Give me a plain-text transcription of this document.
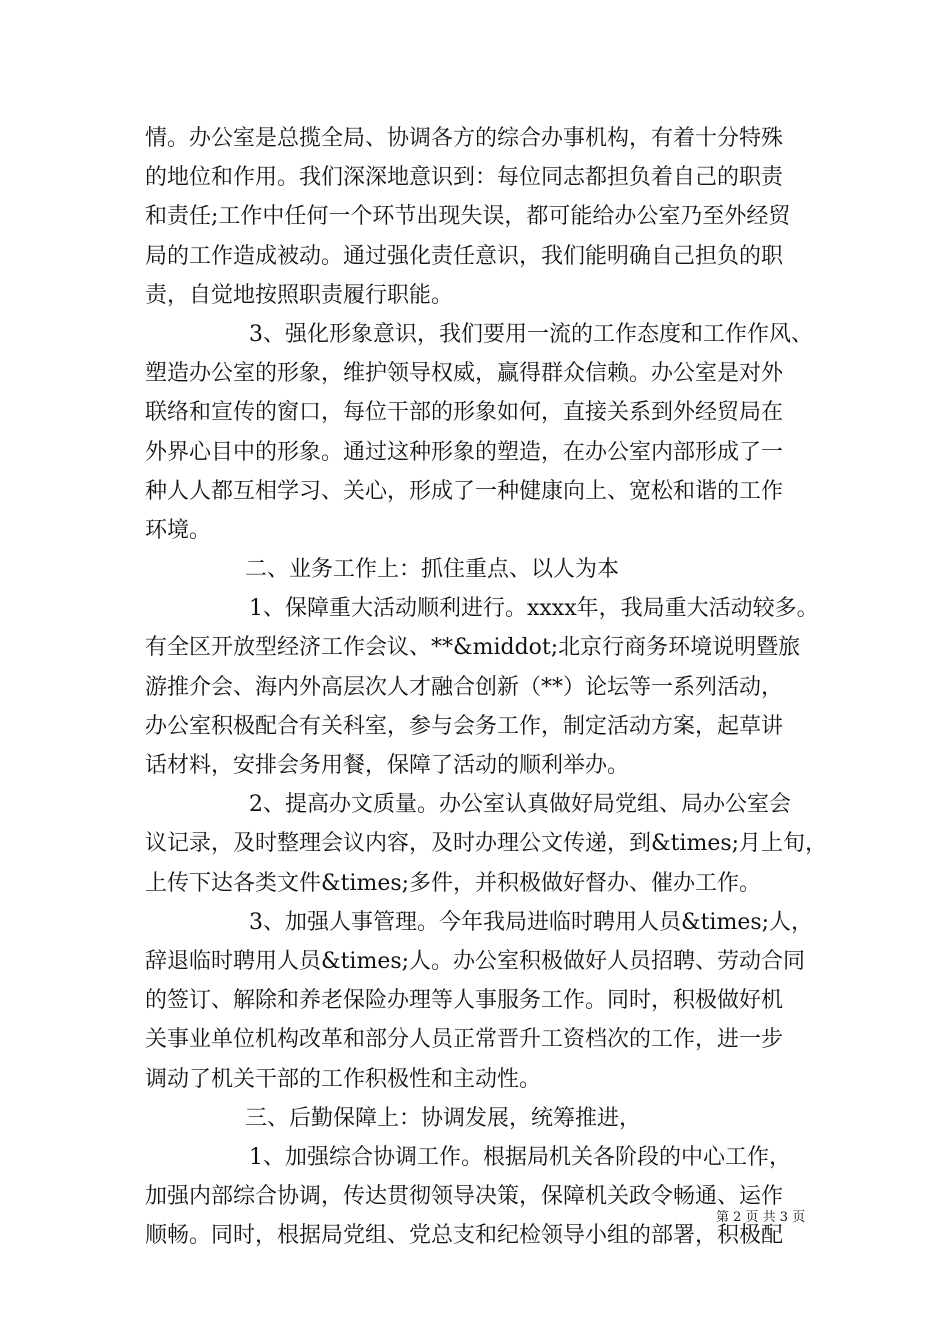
情。办公室是总揽全局、协调各方的综合办事机构，有着十分特殊
的地位和作用。我们深深地意识到：每位同志都担负着自己的职责
和责任;工作中任何一个环节出现失误，都可能给办公室乃至外经贸
局的工作造成被动。通过强化责任意识，我们能明确自己担负的职
责，自觉地按照职责履行职能。
3、强化形象意识，我们要用一流的工作态度和工作作风、
塑造办公室的形象，维护领导权威，赢得群众信赖。办公室是对外
联络和宣传的窗口，每位干部的形象如何，直接关系到外经贸局在
外界心目中的形象。通过这种形象的塑造，在办公室内部形成了一
种人人都互相学习、关心，形成了一种健康向上、宽松和谐的工作
环境。
二、业务工作上：抓住重点、以人为本
1、保障重大活动顺利进行。xxxx年，我局重大活动较多。
有全区开放型经济工作会议、**&middot;北京行商务环境说明暨旅
游推介会、海内外高层次人才融合创新（**）论坛等一系列活动，
办公室积极配合有关科室，参与会务工作，制定活动方案，起草讲
话材料，安排会务用餐，保障了活动的顺利举办。
2、提高办文质量。办公室认真做好局党组、局办公室会
议记录，及时整理会议内容，及时办理公文传递，到&times;月上旬，
上传下达各类文件&times;多件，并积极做好督办、催办工作。
3、加强人事管理。今年我局进临时聘用人员&times;人，
辞退临时聘用人员&times;人。办公室积极做好人员招聘、劳动合同
的签订、解除和养老保险办理等人事服务工作。同时，积极做好机
关事业单位机构改革和部分人员正常晋升工资档次的工作，进一步
调动了机关干部的工作积极性和主动性。
三、后勤保障上：协调发展，统筹推进，
1、加强综合协调工作。根据局机关各阶段的中心工作，
加强内部综合协调，传达贯彻领导决策，保障机关政令畅通、运作
顺畅。同时，根据局党组、党总支和纪检领导小组的部署，积极配
第 2 页 共 3 页
